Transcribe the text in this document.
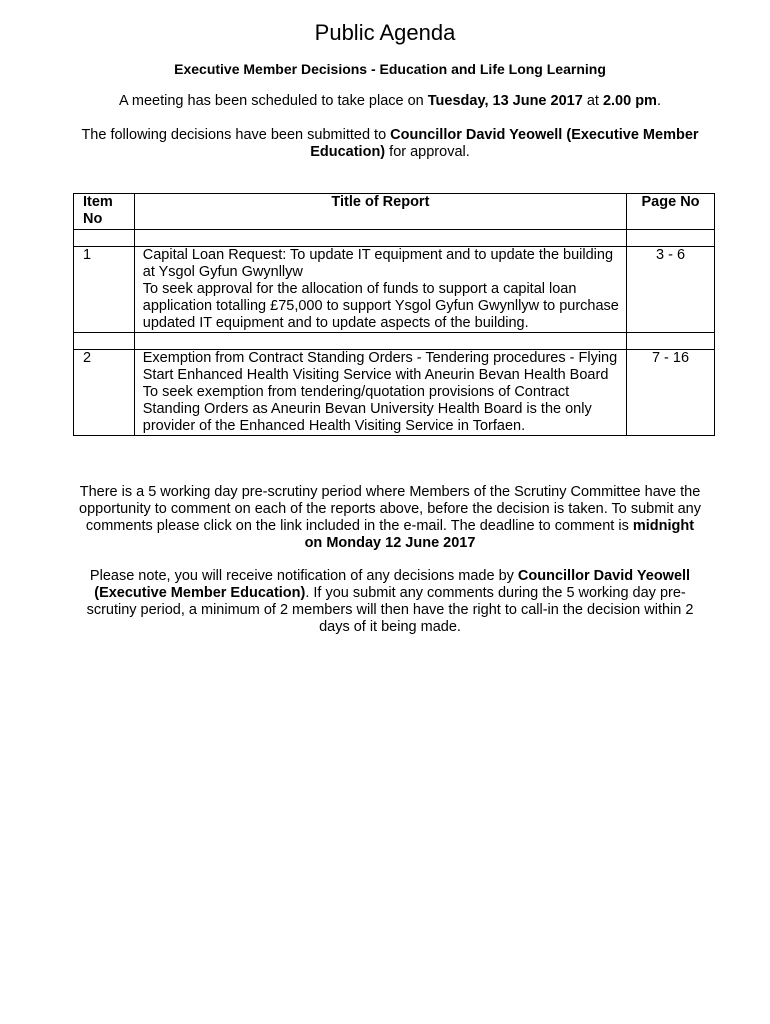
Public Agenda
Executive Member Decisions - Education and Life Long Learning
A meeting has been scheduled to take place on Tuesday, 13 June 2017 at 2.00 pm.
The following decisions have been submitted to Councillor David Yeowell (Executive Member Education) for approval.
Item No	Title of Report	Page No

1	Capital Loan Request: To update IT equipment and to update the building at Ysgol Gyfun Gwynllyw
To seek approval for the allocation of funds to support a capital loan application totalling £75,000 to support Ysgol Gyfun Gwynllyw to purchase updated IT equipment and to update aspects of the building.	3 - 6

2	Exemption from Contract Standing Orders - Tendering procedures - Flying Start Enhanced Health Visiting Service with Aneurin Bevan Health Board
To seek exemption from tendering/quotation provisions of Contract Standing Orders as Aneurin Bevan University Health Board is the only provider of the Enhanced Health Visiting Service in Torfaen.	7 - 16
There is a 5 working day pre-scrutiny period where Members of the Scrutiny Committee have the opportunity to comment on each of the reports above, before the decision is taken. To submit any comments please click on the link included in the e-mail. The deadline to comment is midnight on Monday 12 June 2017
Please note, you will receive notification of any decisions made by Councillor David Yeowell (Executive Member Education). If you submit any comments during the 5 working day pre-scrutiny period, a minimum of 2 members will then have the right to call-in the decision within 2 days of it being made.
